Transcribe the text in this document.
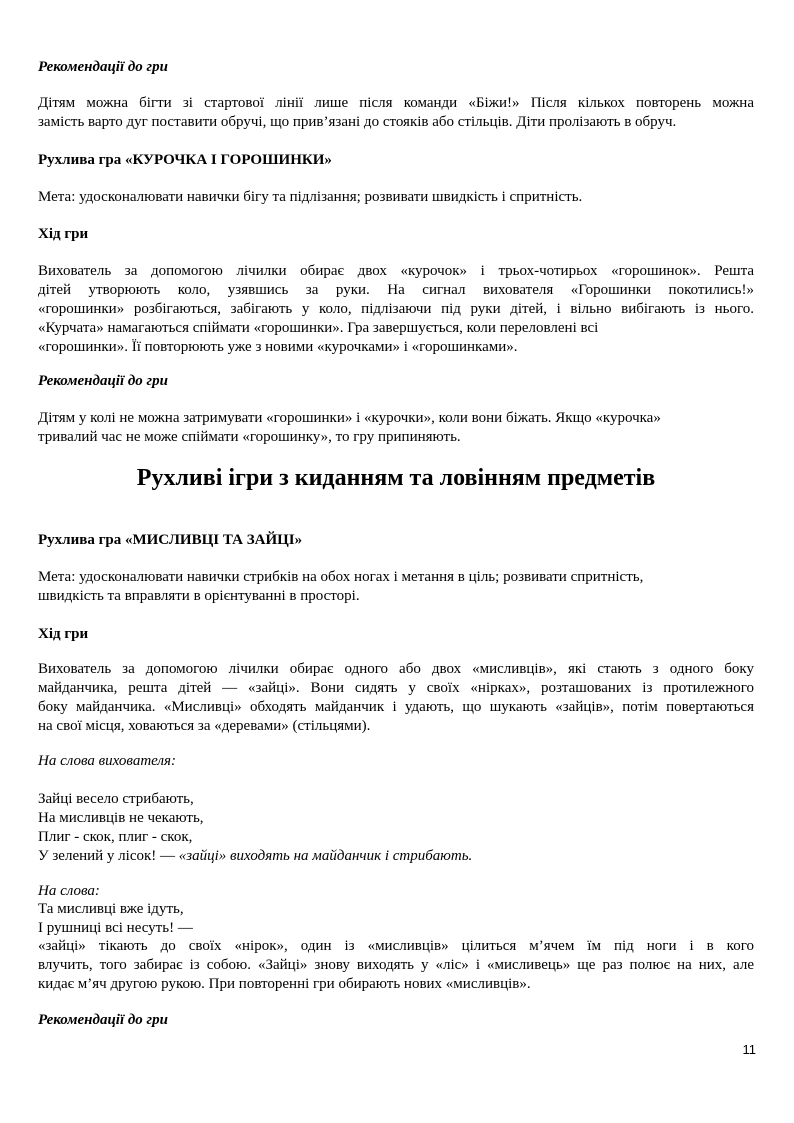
Рекомендації до гри
Дітям можна бігти зі стартової лінії лише після команди «Біжи!» Після кількох повторень можна
замість варто дуг поставити обручі, що прив’язані до стояків або стільців. Діти пролізають в обруч.
Рухлива гра «КУРОЧКА І ГОРОШИНКИ»
Мета: удосконалювати навички бігу та підлізання; розвивати швидкість і спритність.
Хід гри
Вихователь за допомогою лічилки обирає двох «курочок» і трьох-чотирьох «горошинок». Решта
дітей утворюють коло, узявшись за руки. На сигнал вихователя «Горошинки покотились!»
«горошинки» розбігаються, забігають у коло, підлізаючи під руки дітей, і вільно вибігають із нього.
«Курчата» намагаються спіймати «горошинки». Гра завершується, коли переловлені всі
«горошинки». Її повторюють уже з новими «курочками» і «горошинками».
Рекомендації до гри
Дітям у колі не можна затримувати «горошинки» і «курочки», коли вони біжать. Якщо «курочка»
тривалий час не може спіймати «горошинку», то гру припиняють.
Рухливі ігри з киданням та ловінням предметів
Рухлива гра «МИСЛИВЦІ ТА ЗАЙЦІ»
Мета: удосконалювати навички стрибків на обох ногах і метання в ціль; розвивати спритність,
швидкість та вправляти в орієнтуванні в просторі.
Хід гри
Вихователь за допомогою лічилки обирає одного або двох «мисливців», які стають з одного боку
майданчика, решта дітей — «зайці». Вони сидять у своїх «нірках», розташованих із протилежного
боку майданчика. «Мисливці» обходять майданчик і удають, що шукають «зайців», потім повертаються
на свої місця, ховаються за «деревами» (стільцями).
На слова вихователя:
Зайці весело стрибають,
На мисливців не чекають,
Плиг - скок, плиг - скок,
У зелений у лісок! — «зайці» виходять на майданчик і стрибають.
На слова:
Та мисливці вже ідуть,
І рушниці всі несуть! —
«зайці» тікають до своїх «нірок», один із «мисливців» цілиться м’ячем їм під ноги і в кого
влучить, того забирає із собою. «Зайці» знову виходять у «ліс» і «мисливець» ще раз полює на них, але
кидає м’яч другою рукою. При повторенні гри обирають нових «мисливців».
Рекомендації до гри
11
